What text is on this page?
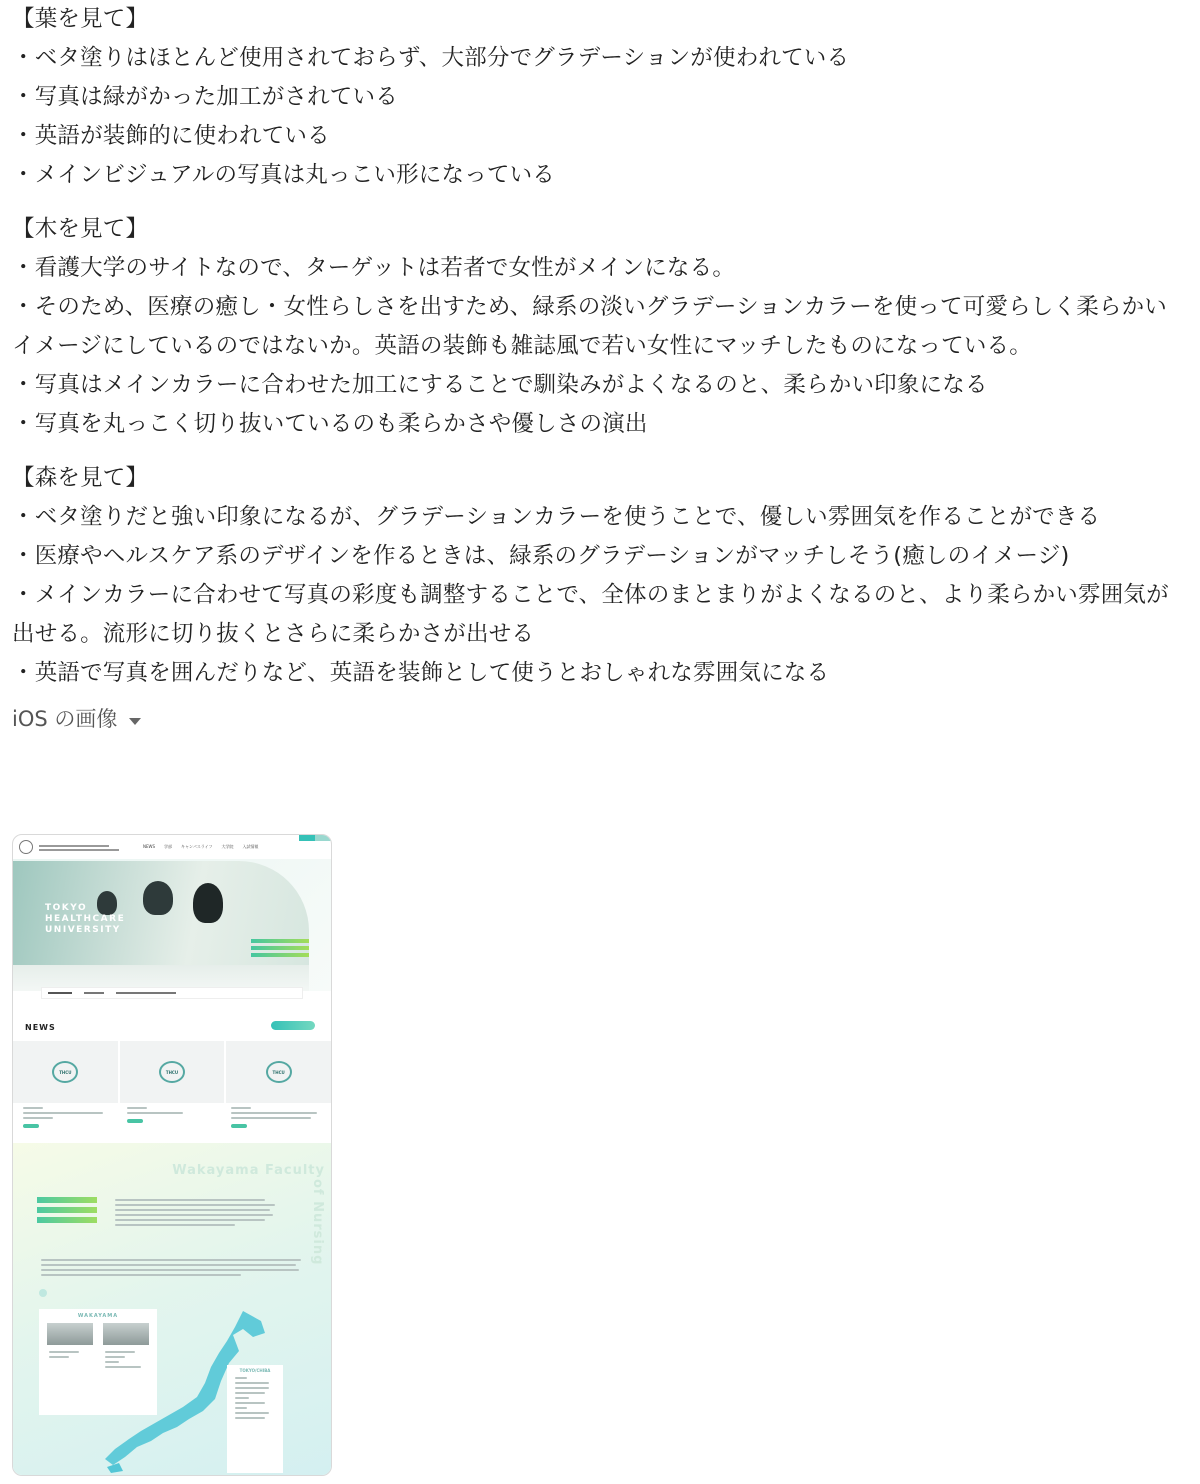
【葉を見て】

・ベタ塗りはほとんど使用されておらず、大部分でグラデーションが使われている

・写真は緑がかった加工がされている

・英語が装飾的に使われている

・メインビジュアルの写真は丸っこい形になっている

【木を見て】

・看護大学のサイトなので、ターゲットは若者で女性がメインになる。

・そのため、医療の癒し・女性らしさを出すため、緑系の淡いグラデーションカラーを使って可愛らしく柔らかいイメージにしているのではないか。英語の装飾も雑誌風で若い女性にマッチしたものになっている。

・写真はメインカラーに合わせた加工にすることで馴染みがよくなるのと、柔らかい印象になる

・写真を丸っこく切り抜いているのも柔らかさや優しさの演出

【森を見て】

・ベタ塗りだと強い印象になるが、グラデーションカラーを使うことで、優しい雰囲気を作ることができる

・医療やヘルスケア系のデザインを作るときは、緑系のグラデーションがマッチしそう(癒しのイメージ)

・メインカラーに合わせて写真の彩度も調整することで、全体のまとまりがよくなるのと、より柔らかい雰囲気が出せる。流形に切り抜くとさらに柔らかさが出せる

・英語で写真を囲んだりなど、英語を装飾として使うとおしゃれな雰囲気になる

iOS の画像
NEWS 学部 キャンパスライフ 大学院 入試情報
TOKYO
HEALTHCARE
UNIVERSITY
NEWS
THCU	THCU	THCU
Wakayama Faculty
of Nursing
WAKAYAMA
TOKYO/CHIBA
